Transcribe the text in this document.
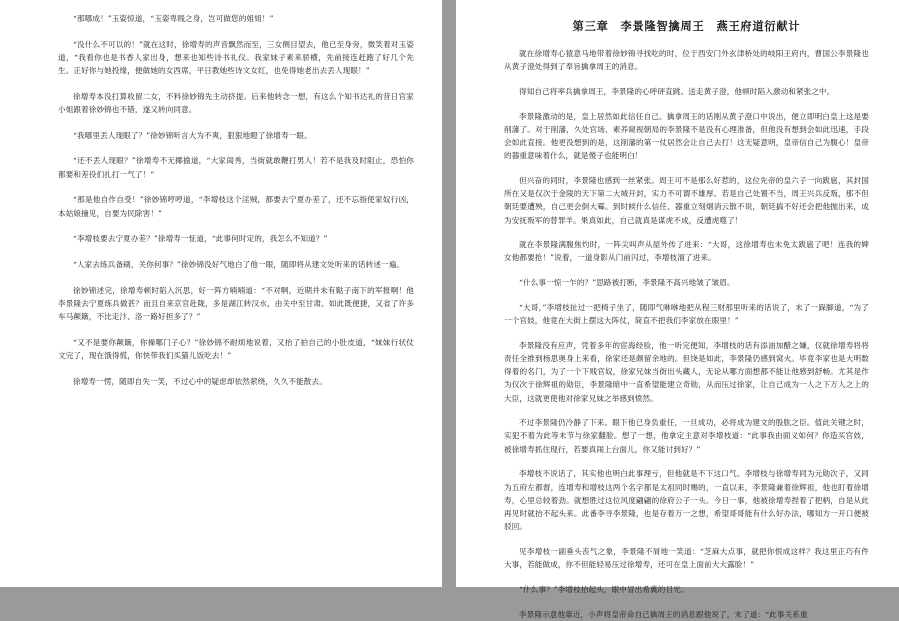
“那哪成！”玉姿惊道，“玉姿卑贱之身，岂可做您的姐姐！”

“没什么不可以的！”就在这时，徐增寿的声音飘然而至，三女侧目望去，他已至身旁，微笑着对玉姿道，“我看你也是书香人家出身，想来也知些诗书礼仪。我家妹子素来骄横，先前接连赶跑了好几个先生。正好你与她投缘，便做她的女西席，平日教她些诗文女红，也免得她老出去丢人现眼！”

徐增寿本没打算收留二女，不料徐妙锦先主动挤提。后来他转念一想，有这么个知书达礼的昔日官家小姐跟着徐妙锦也不错，遂又转向同意。

“我哪里丢人现眼了？”徐妙锦听言大为不爽，狠狠地瞪了徐增寿一眼。

“还不丢人现眼？”徐增寿不无揶揄道，“大家闺秀，当街就敢鞭打男人！若不是我及时阻止，恐怕你都要和差役们扎打一气了！”

“那是他自作自受！”徐妙锦哼哼道，“李增枝这个淫贼，都要去宁夏办差了，还不忘指使家奴行凶，本姑娘撞见，自要为民除害！”

“李增枝要去宁夏办差？”徐增寿一怔道，“此事何时定的，我怎么不知道？”

“人家去练兵备刷，关你何事？”徐妙锦没好气地白了他一眼，随即将从建文处听来的话转述一遍。

徐妙锦述完，徐增寿顿时陷入沉思，好一阵方喃喃道：“不对啊，近期并未有鞑子南下的军报啊！他李景隆去宁夏练兵做甚？而且自来京官赴陇，多是湖江转汉水，由关中至甘肃。如此既便捷，又省了许多车马颠簸，不比走汴、洛一路好担多了？”

“又不是要你颠簸，你操哪门子心？”徐妙锦不耐烦地说着，又抬了拍自己的小肚皮道，“妹妹行状仗文完了，现在饿得慌，你快带我们买猫儿饭吃去！”

徐增寿一愣，随即自失一笑，不过心中的疑虑却依然萦绕，久久不能散去。

第三章　李景隆智擒周王　燕王府道衍献计

就在徐增寿心猿意马地带着徐妙锦寻找吃的时，位于西安门外玄津桥处的岐阳王府内，曹国公李景隆也从黄子澄处得到了奉旨擒拿周王的消息。

得知自己将率兵擒拿周王，李景隆的心呼砰直跳。送走黄子澄，他顿时陷入激动和紧张之中。

李景隆激动的是，皇上居然如此信任自己。擒拿周王的话刚从黄子澄口中说出，便立即明白皇上这是要削藩了。对于削藩，久处官场、素养窥视朝局的李景隆不是没有心理准备，但他没有想到会如此迅速，手段会如此直接。他更没想到的是，这削藩的第一仗居然会让自己去打！这无疑意明，皇帝信自己为腹心！皇帝的器重意味着什么，就是傻子也能明白！

但兴奋的同时，李景隆也感到一丝紧张。周王可不是那么好惹的，这位先帝的皇六子一向跋扈，其封国所在又是仅次于金陵的天下第二大城开封，实力不可谓不雄厚。若是自己处置不当，周王兴兵反叛，那不但朝廷要遭殃，自己更会倒大霉。到时候什么信任、器重立刻烟消云散不说，朝廷搞不好还会把他抛出来，成为安抚叛军的替罪羊。果真如此，自己就真是谋虎不成，反遭虎噬了！

就在李景隆满腹焦灼时，一阵尖叫声从屋外传了进来：“大哥，这徐增寿也未免太跋扈了吧！连我的婢女他都要抢！”说着，一道身影从门前闪过，李增枝溜了进来。

“什么事一惊一乍的？”思路被打断，李景隆不高兴地皱了皱眉。

“大哥，”李增枝扯过一把椅子坐了，随即气咻咻地把从程三财那里听来的话说了，末了一跺脚道，“为了一个官妓，他竟在大街上摆这大阵仗，简直不把我们李家放在眼里！”

李景隆没有应声，凭着多年的宦海经验，他一听完便知，李增枝的话有添油加醋之嫌，仅就徐增寿将将责任全推到杨思奥身上来看，徐家还是颇留余地的。但饶是如此，李景隆仍感到窝火。毕竟李家也是大明数得着的名门，为了一个下贱官奴，徐家兄妹当街出头藏人，无论从哪方面想都不能让他感到舒畅。尤其是作为仅次于徐辉祖的勋臣，李景隆暗中一直希望能建立奇勋，从而压过徐家，让自己成为一人之下万人之上的大臣，这就更使他对徐家兄妹之举感到愤然。

不过李景隆仍冷静了下来。眼下他已身负重任，一旦成功，必将成为建文的股肱之臣。值此关键之时，实犯不着为此等末节与徐家翻脸。想了一想，他拿定主意对李增枝道：“此事我由面义如何？你造买官妓，被徐增寿抓住现行，若要真闹上台面儿，你又能讨到好？”

李增枝不说话了，其实他也明白此事理亏，但他就是不下这口气。李增枝与徐增寿同为元勋次子，又同为五府左都督，连增寿和增枝这两个名字都是太祖同时赐的，一直以来，李景隆兼着徐辉祖，他也盯着徐增寿，心里总较着劲。就想胜过这位风度翩翩的徐府公子一头。今日一事，他被徐增寿捏着了把柄，自是从此再见时就抬不起头来。此番李寻李景隆，也是存着万一之想，希望哥哥能有什么好办法，哪知方一开口便被驳回。

见李增枝一副垂头丧气之象，李景隆不屑地一笑道：“芝麻大点事，就把你恨成这样？我这里正巧有件大事，若能做成，你不但能轻易压过徐增寿，还可在皇上面前大大露脸！”

“什么事？”李增枝抬起头，眼中冒出希冀的目光。

李景隆示意他靠近，小声将皇帝命自己擒周王的消息跟他说了，末了道：“此事关系重
